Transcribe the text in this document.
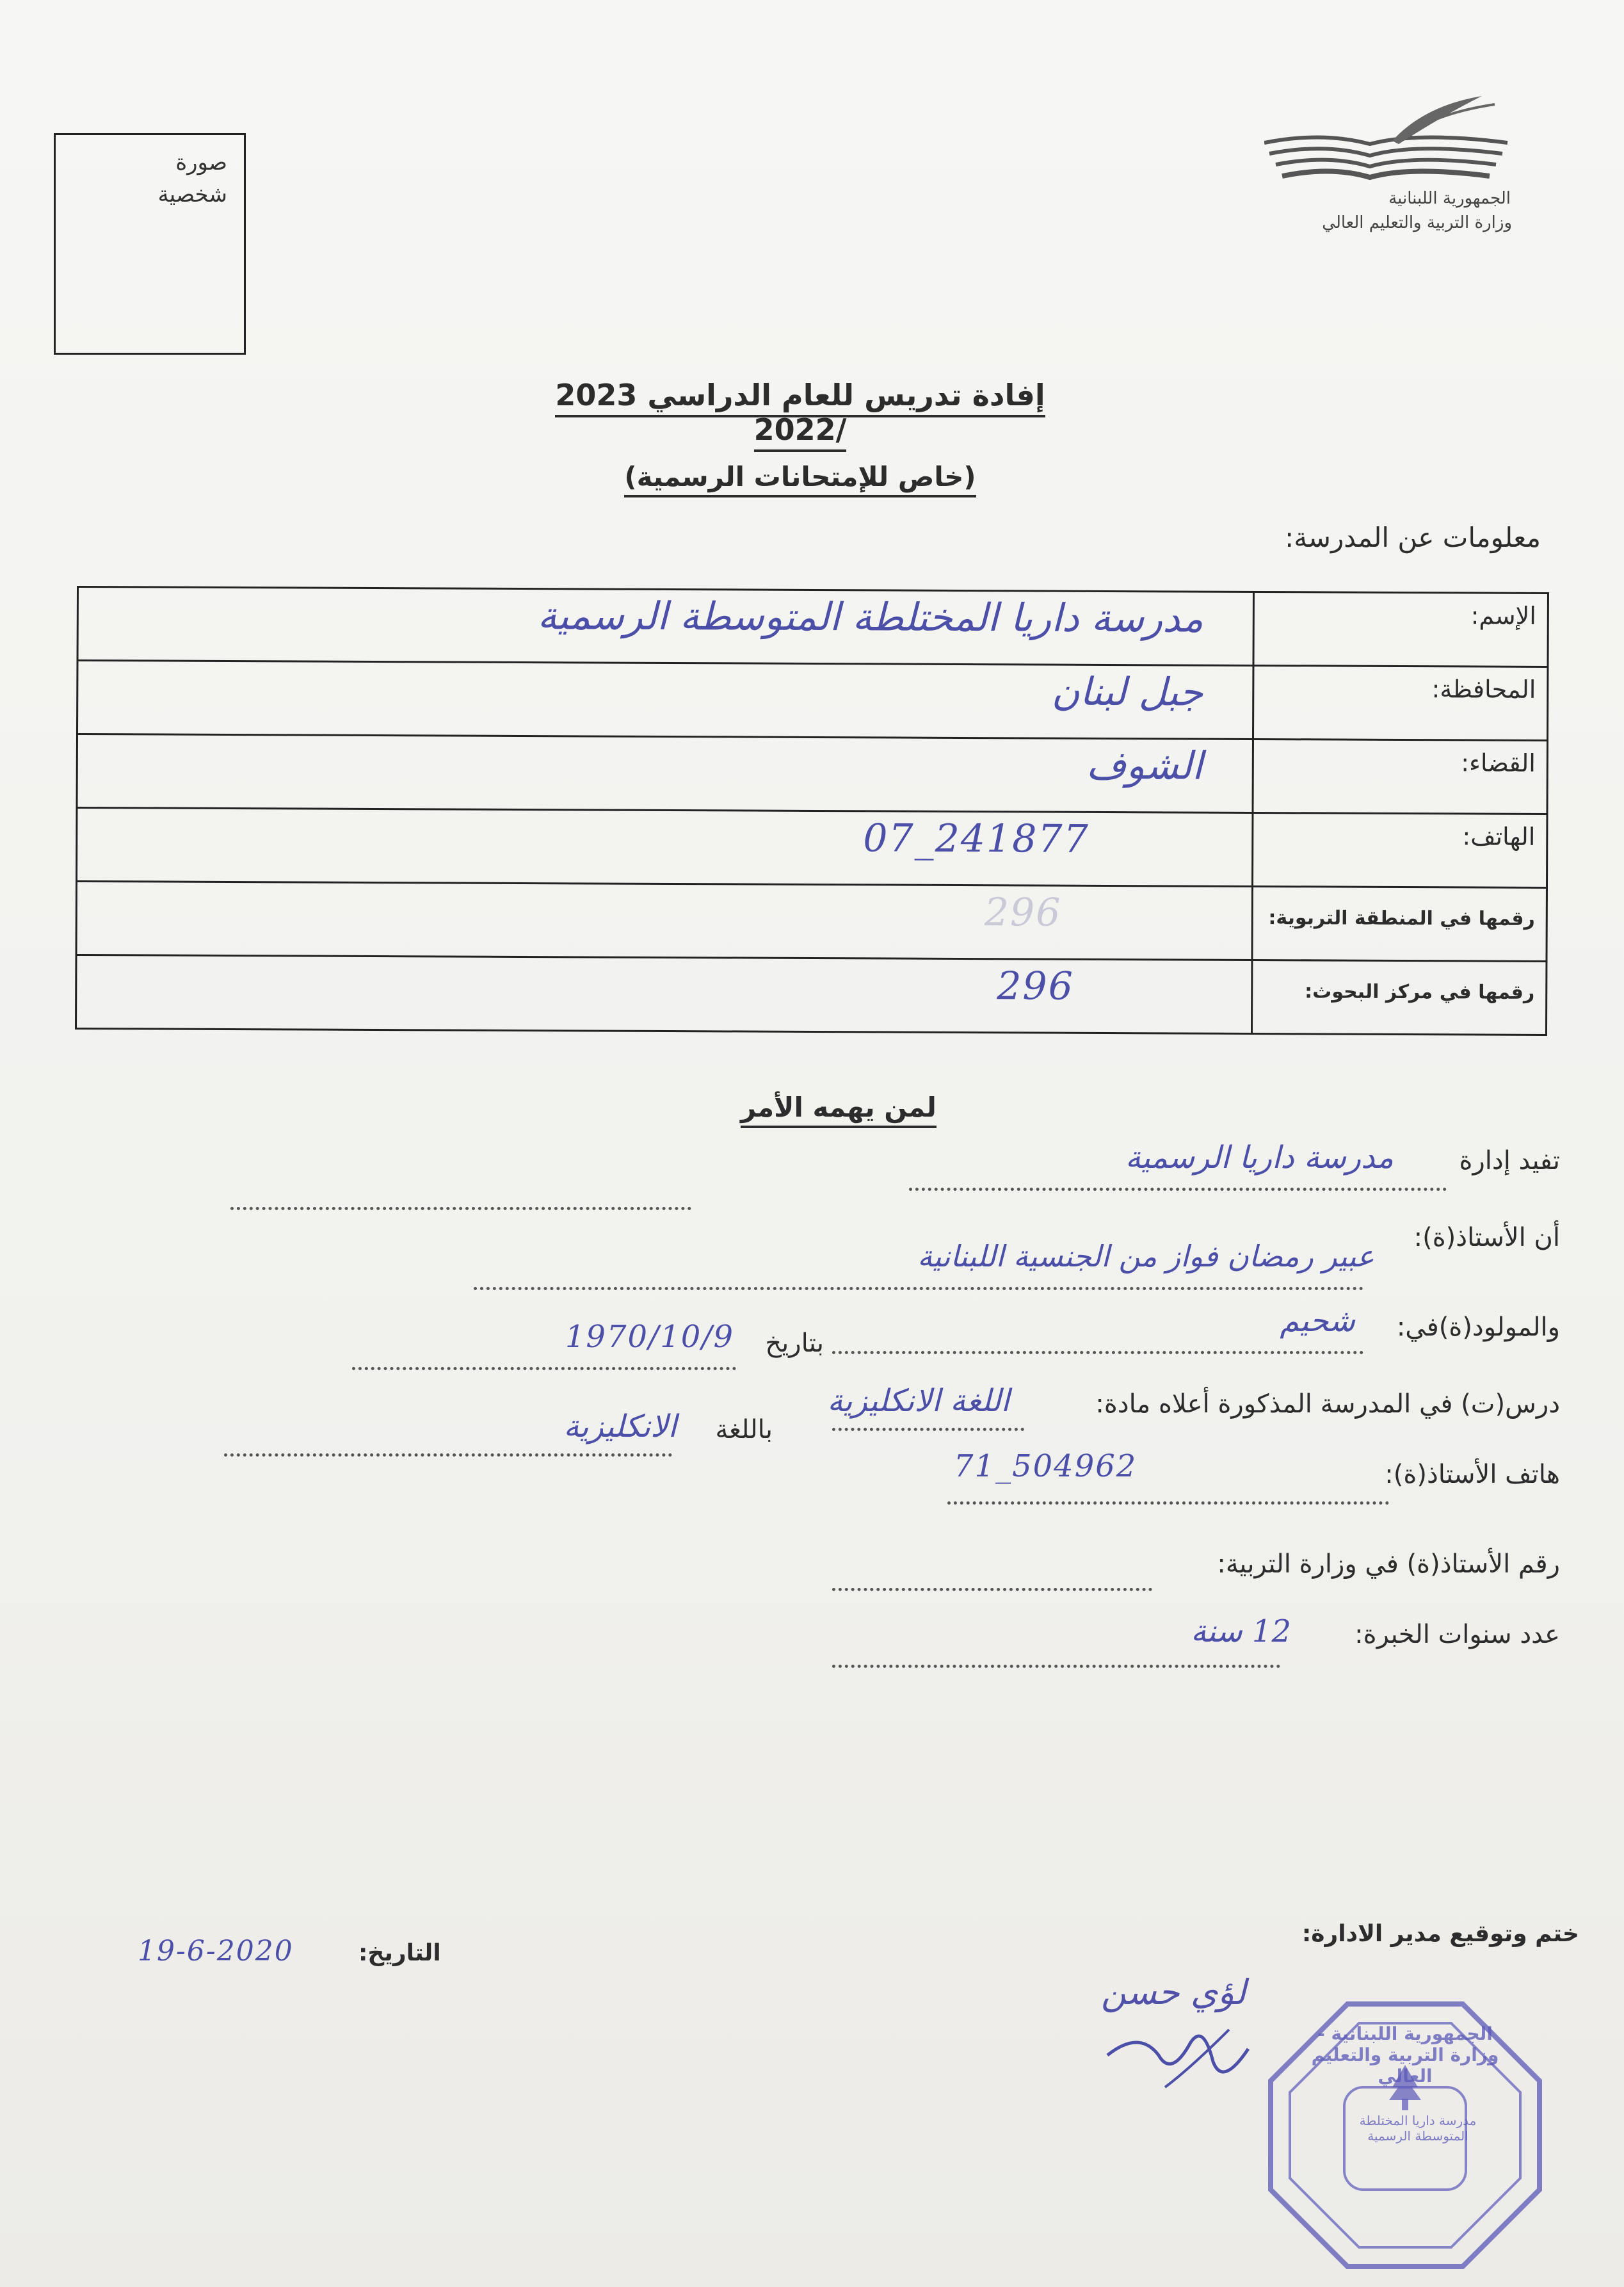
صورة
شخصية	الجمهورية اللبنانية
وزارة التربية والتعليم العالي
إفادة تدريس للعام الدراسي 2023 /2022
(خاص للإمتحانات الرسمية)
معلومات عن المدرسة:
الإسم:
مدرسة داريا المختلطة المتوسطة الرسمية
المحافظة:
جبل لبنان
القضاء:
الشوف
الهاتف:
07_241877
رقمها في المنطقة التربوية:
296
رقمها في مركز البحوث:
296
لمن يهمه الأمر
تفيد إدارة
مدرسة داريا الرسمية
أن الأستاذ(ة):
عبير رمضان فواز من الجنسية اللبنانية
والمولود(ة)في:
شحيم
بتاريخ
1970/10/9
درس(ت) في المدرسة المذكورة أعلاه مادة:
اللغة الانكليزية
باللغة
الانكليزية
هاتف الأستاذ(ة):
71_504962
رقم الأستاذ(ة) في وزارة التربية:
عدد سنوات الخبرة:
12 سنة
ختم وتوقيع مدير الادارة:
التاريخ:
19-6-2020
لؤي حسن
الجمهورية اللبنانية - وزارة التربية والتعليم العالي
مدرسة داريا المختلطة المتوسطة الرسمية
